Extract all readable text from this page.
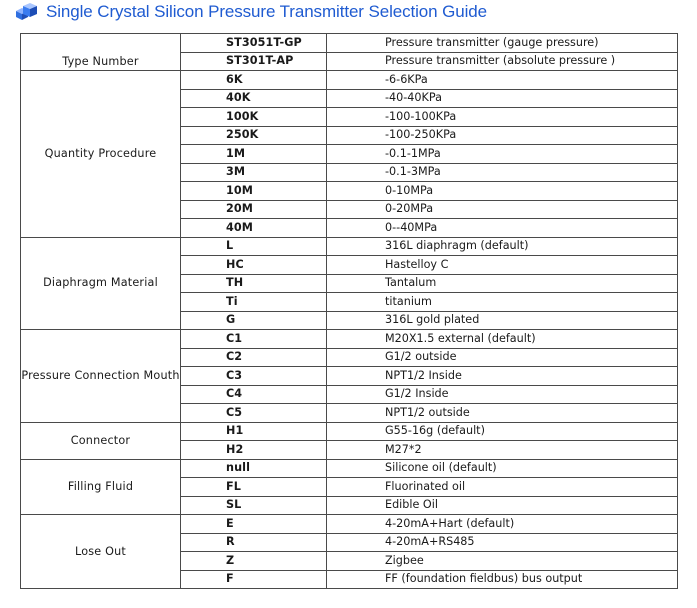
Single Crystal Silicon Pressure Transmitter Selection Guide
Type Number	ST3051T-GP	Pressure transmitter (gauge pressure)
	ST301T-AP	Pressure transmitter (absolute pressure )
Quantity Procedure	6K	-6-6KPa
	40K	-40-40KPa
	100K	-100-100KPa
	250K	-100-250KPa
	1M	-0.1-1MPa
	3M	-0.1-3MPa
	10M	0-10MPa
	20M	0-20MPa
	40M	0--40MPa
Diaphragm Material	L	316L diaphragm (default)
	HC	Hastelloy C
	TH	Tantalum
	Ti	titanium
	G	316L gold plated
Pressure Connection Mouth	C1	M20X1.5 external (default)
	C2	G1/2 outside
	C3	NPT1/2 Inside
	C4	G1/2 Inside
	C5	NPT1/2 outside
Connector	H1	G55-16g (default)
	H2	M27*2
Filling Fluid	null	Silicone oil (default)
	FL	Fluorinated oil
	SL	Edible Oil
Lose Out	E	4-20mA+Hart (default)
	R	4-20mA+RS485
	Z	Zigbee
	F	FF (foundation fieldbus) bus output
